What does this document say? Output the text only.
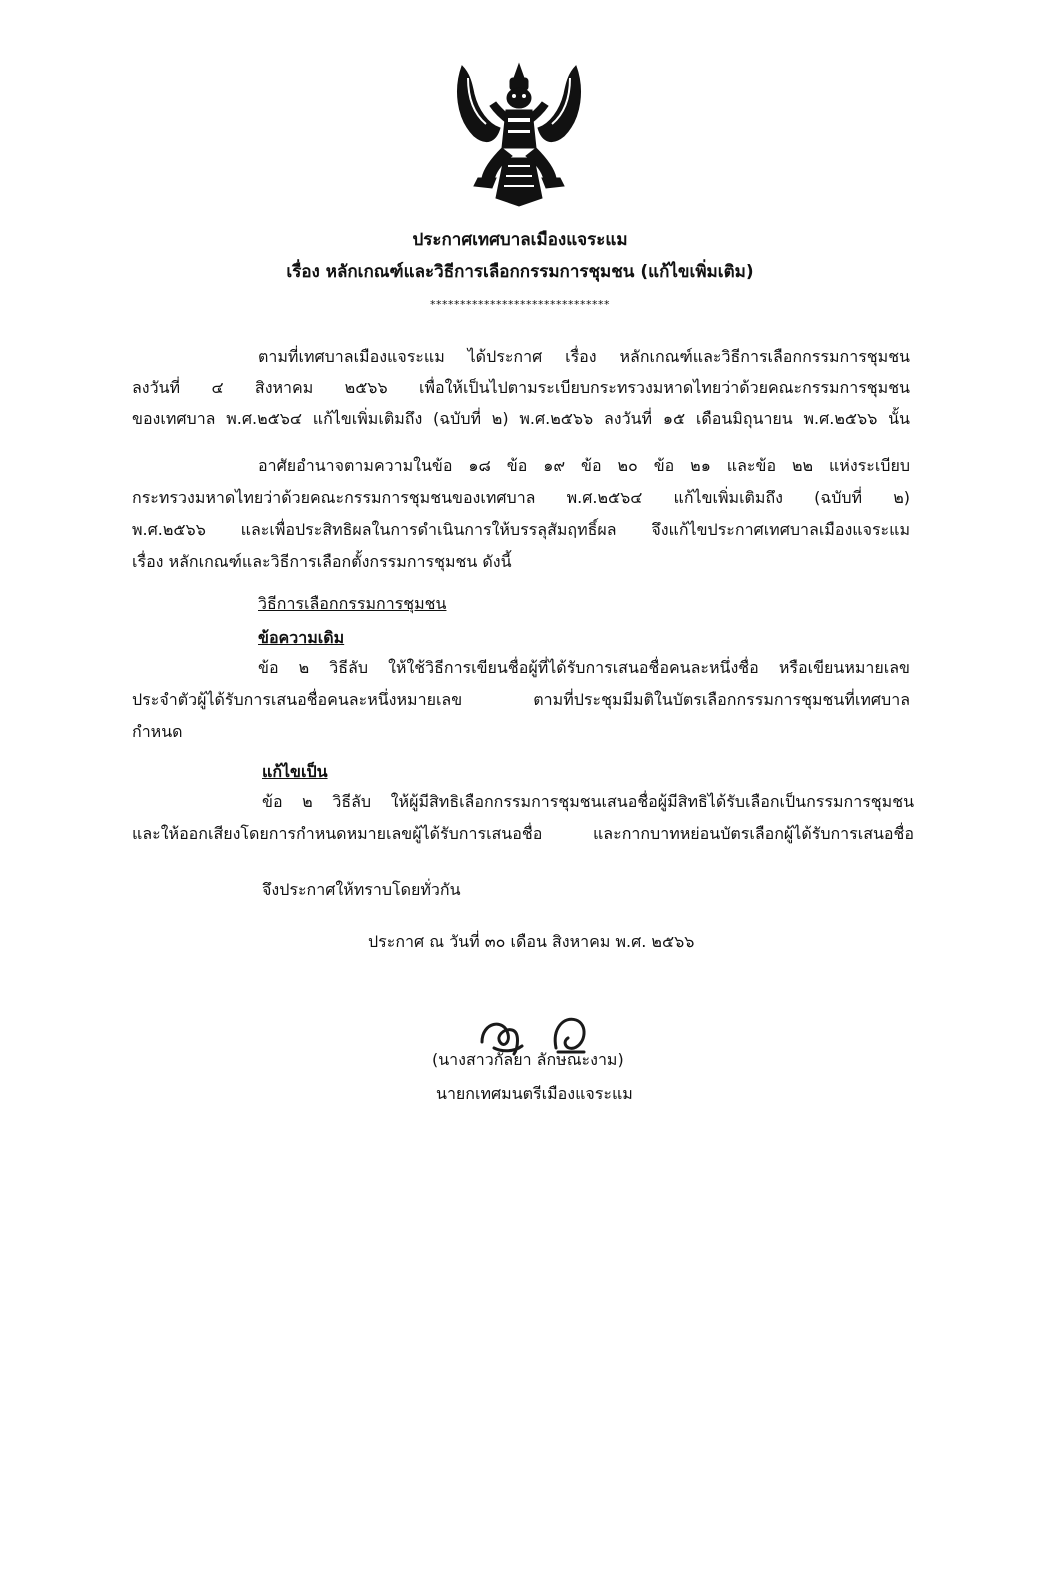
ประกาศเทศบาลเมืองแจระแม
เรื่อง หลักเกณฑ์และวิธีการเลือกกรรมการชุมชน (แก้ไขเพิ่มเติม)
******************************
ตามที่เทศบาลเมืองแจระแม ได้ประกาศ เรื่อง หลักเกณฑ์และวิธีการเลือกกรรมการชุมชน
ลงวันที่ ๔ สิงหาคม ๒๕๖๖ เพื่อให้เป็นไปตามระเบียบกระทรวงมหาดไทยว่าด้วยคณะกรรมการชุมชน
ของเทศบาล พ.ศ.๒๕๖๔ แก้ไขเพิ่มเติมถึง (ฉบับที่ ๒) พ.ศ.๒๕๖๖ ลงวันที่ ๑๕ เดือนมิถุนายน พ.ศ.๒๕๖๖ นั้น
อาศัยอำนาจตามความในข้อ ๑๘ ข้อ ๑๙ ข้อ ๒๐ ข้อ ๒๑ และข้อ ๒๒ แห่งระเบียบ
กระทรวงมหาดไทยว่าด้วยคณะกรรมการชุมชนของเทศบาล พ.ศ.๒๕๖๔ แก้ไขเพิ่มเติมถึง (ฉบับที่ ๒)
พ.ศ.๒๕๖๖ และเพื่อประสิทธิผลในการดำเนินการให้บรรลุสัมฤทธิ์ผล จึงแก้ไขประกาศเทศบาลเมืองแจระแม
เรื่อง หลักเกณฑ์และวิธีการเลือกตั้งกรรมการชุมชน ดังนี้
วิธีการเลือกกรรมการชุมชน
ข้อความเดิม
ข้อ ๒ วิธีลับ ให้ใช้วิธีการเขียนชื่อผู้ที่ได้รับการเสนอชื่อคนละหนึ่งชื่อ หรือเขียนหมายเลข
ประจำตัวผู้ได้รับการเสนอชื่อคนละหนึ่งหมายเลข ตามที่ประชุมมีมติในบัตรเลือกกรรมการชุมชนที่เทศบาล
กำหนด
แก้ไขเป็น
ข้อ ๒ วิธีลับ ให้ผู้มีสิทธิเลือกกรรมการชุมชนเสนอชื่อผู้มีสิทธิได้รับเลือกเป็นกรรมการชุมชน
และให้ออกเสียงโดยการกำหนดหมายเลขผู้ได้รับการเสนอชื่อ และกากบาทหย่อนบัตรเลือกผู้ได้รับการเสนอชื่อ
จึงประกาศให้ทราบโดยทั่วกัน
ประกาศ ณ วันที่ ๓๐ เดือน สิงหาคม พ.ศ. ๒๕๖๖
(นางสาวกัลยา ลักษณะงาม)
นายกเทศมนตรีเมืองแจระแม
